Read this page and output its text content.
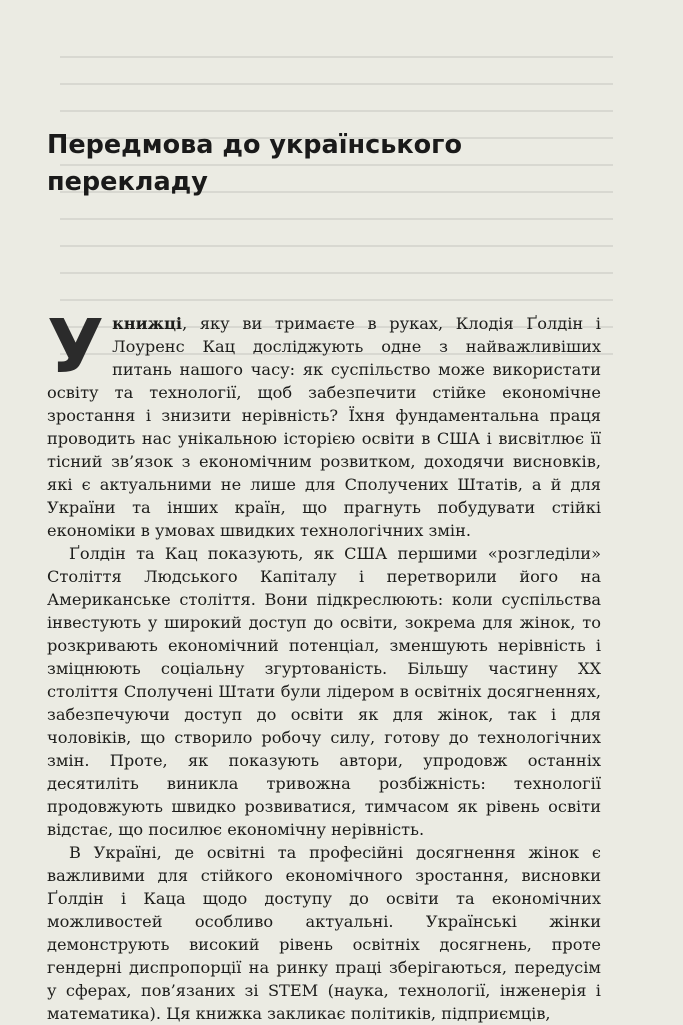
Передмова до українського
перекладу

У книжці, яку ви тримаєте в руках, Клодія Ґолдін і Лоуренс Кац досліджують одне з найважливіших питань нашого часу: як суспільство може використати освіту та технології, щоб забезпечити стійке економічне зростання і знизити нерівність? Їхня фундаментальна праця проводить нас унікальною історією освіти в США і висвітлює її тісний зв’язок з економічним розвитком, доходячи висновків, які є актуальними не лише для Сполучених Штатів, а й для України та інших країн, що прагнуть побудувати стійкі економіки в умовах швидких технологічних змін.

Ґолдін та Кац показують, як США першими «розгледіли» Століття Людського Капіталу і перетворили його на Американське століття. Вони підкреслюють: коли суспільства інвестують у широкий доступ до освіти, зокрема для жінок, то розкривають економічний потенціал, зменшують нерівність і зміцнюють соціальну згуртованість. Більшу частину XX століття Сполучені Штати були лідером в освітніх досягненнях, забезпечуючи доступ до освіти як для жінок, так і для чоловіків, що створило робочу силу, готову до технологічних змін. Проте, як показують автори, упродовж останніх десятиліть виникла тривожна розбіжність: технології продовжують швидко розвиватися, тимчасом як рівень освіти відстає, що посилює економічну нерівність.

В Україні, де освітні та професійні досягнення жінок є важливими для стійкого економічного зростання, висновки Ґолдін і Каца щодо доступу до освіти та економічних можливостей особливо актуальні. Українські жінки демонструють високий рівень освітніх досягнень, проте гендерні диспропорції на ринку праці зберігаються, передусім у сферах, пов’язаних зі STEM (наука, технології, інженерія і математика). Ця книжка закликає політиків, підприємців,
